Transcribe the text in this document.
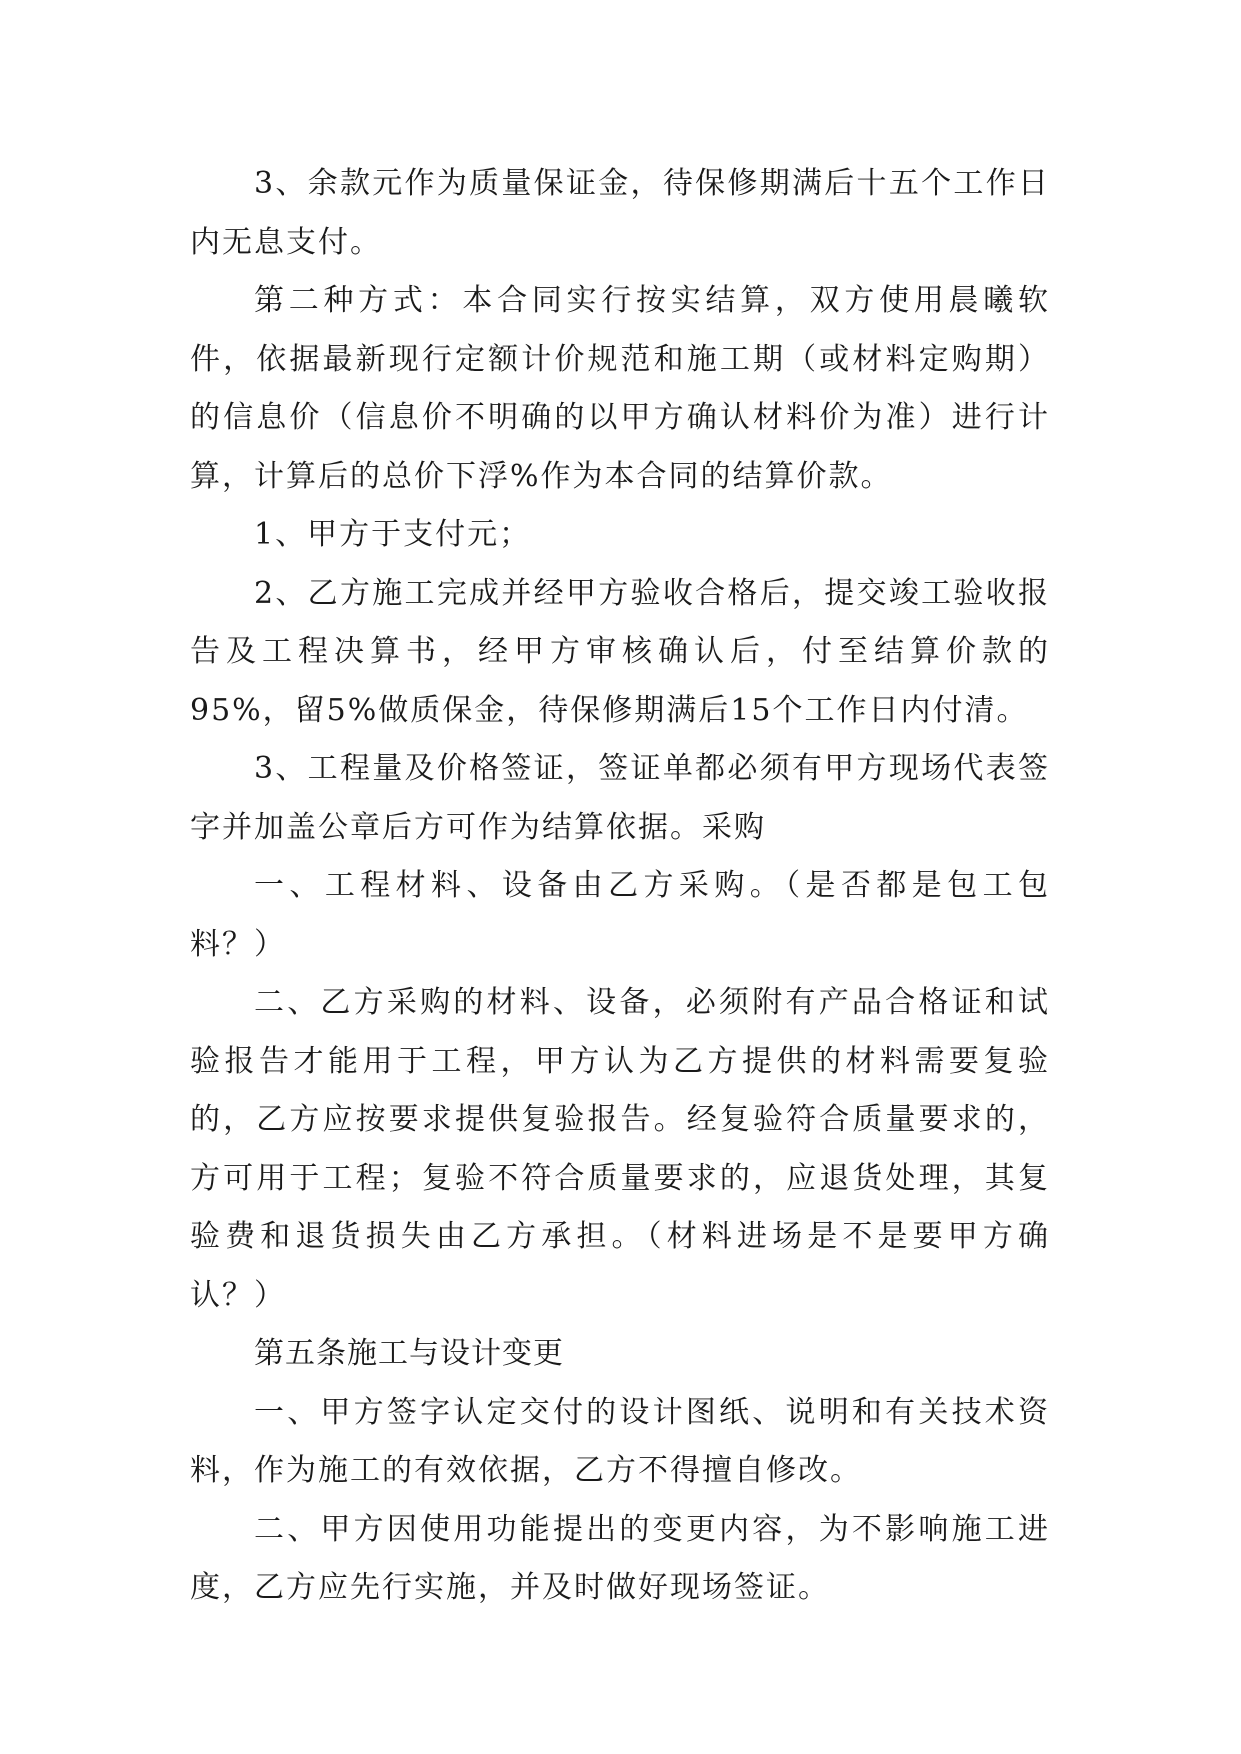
3、余款元作为质量保证金，待保修期满后十五个工作日内无息支付。

第二种方式：本合同实行按实结算，双方使用晨曦软件，依据最新现行定额计价规范和施工期（或材料定购期）的信息价（信息价不明确的以甲方确认材料价为准）进行计算，计算后的总价下浮%作为本合同的结算价款。

1、甲方于支付元；

2、乙方施工完成并经甲方验收合格后，提交竣工验收报告及工程决算书，经甲方审核确认后，付至结算价款的95%，留5%做质保金，待保修期满后15个工作日内付清。

3、工程量及价格签证，签证单都必须有甲方现场代表签字并加盖公章后方可作为结算依据。采购

一、工程材料、设备由乙方采购。（是否都是包工包料？）

二、乙方采购的材料、设备，必须附有产品合格证和试验报告才能用于工程，甲方认为乙方提供的材料需要复验的，乙方应按要求提供复验报告。经复验符合质量要求的，方可用于工程；复验不符合质量要求的，应退货处理，其复验费和退货损失由乙方承担。（材料进场是不是要甲方确认？）

第五条施工与设计变更

一、甲方签字认定交付的设计图纸、说明和有关技术资料，作为施工的有效依据，乙方不得擅自修改。

二、甲方因使用功能提出的变更内容，为不影响施工进度，乙方应先行实施，并及时做好现场签证。
